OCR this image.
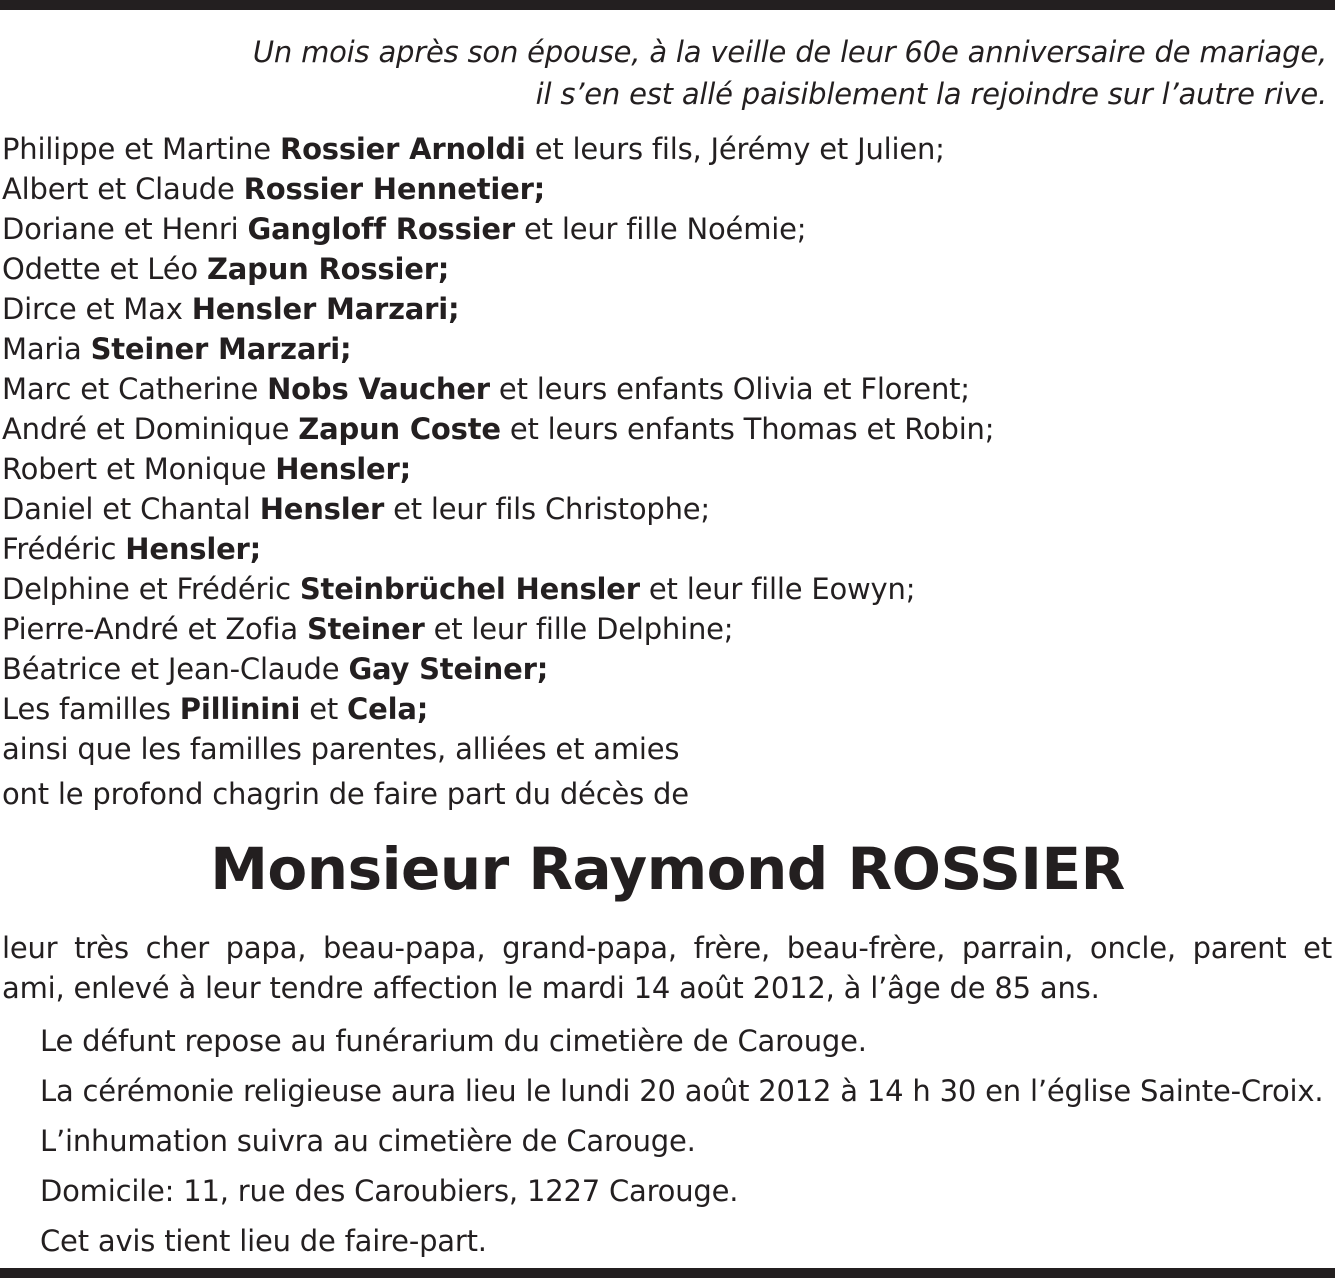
Un mois après son épouse, à la veille de leur 60e anniversaire de mariage,
il s’en est allé paisiblement la rejoindre sur l’autre rive.
Philippe et Martine Rossier Arnoldi et leurs fils, Jérémy et Julien;
Albert et Claude Rossier Hennetier;
Doriane et Henri Gangloff Rossier et leur fille Noémie;
Odette et Léo Zapun Rossier;
Dirce et Max Hensler Marzari;
Maria Steiner Marzari;
Marc et Catherine Nobs Vaucher et leurs enfants Olivia et Florent;
André et Dominique Zapun Coste et leurs enfants Thomas et Robin;
Robert et Monique Hensler;
Daniel et Chantal Hensler et leur fils Christophe;
Frédéric Hensler;
Delphine et Frédéric Steinbrüchel Hensler et leur fille Eowyn;
Pierre-André et Zofia Steiner et leur fille Delphine;
Béatrice et Jean-Claude Gay Steiner;
Les familles Pillinini et Cela;
ainsi que les familles parentes, alliées et amies
ont le profond chagrin de faire part du décès de
Monsieur Raymond ROSSIER
leur très cher papa, beau-papa, grand-papa, frère, beau-frère, parrain, oncle, parent et
ami, enlevé à leur tendre affection le mardi 14 août 2012, à l’âge de 85 ans.
Le défunt repose au funérarium du cimetière de Carouge.
La cérémonie religieuse aura lieu le lundi 20 août 2012 à 14 h 30 en l’église Sainte-Croix.
L’inhumation suivra au cimetière de Carouge.
Domicile: 11, rue des Caroubiers, 1227 Carouge.
Cet avis tient lieu de faire-part.
